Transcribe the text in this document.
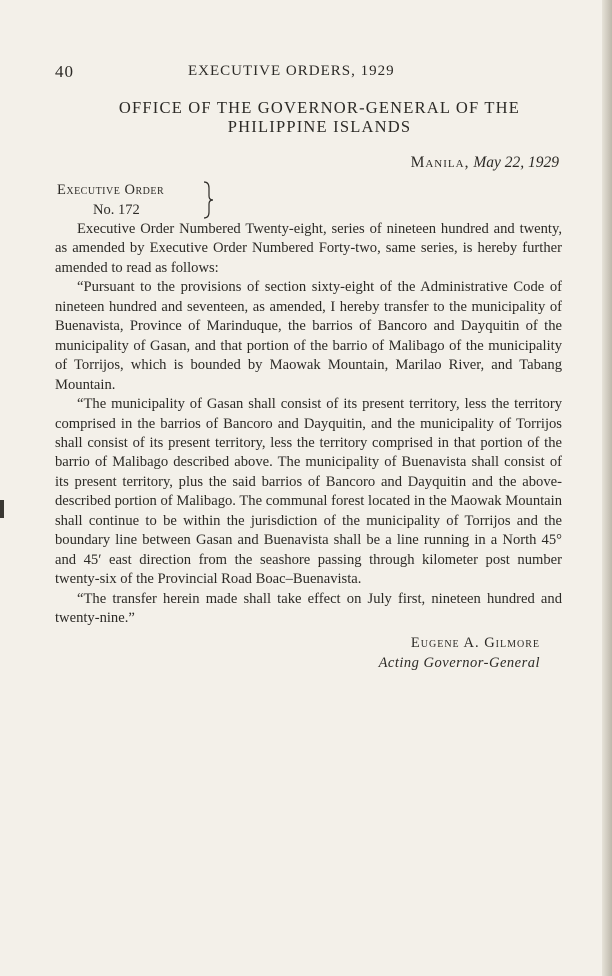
40	EXECUTIVE ORDERS, 1929
OFFICE OF THE GOVERNOR-GENERAL OF THE
PHILIPPINE ISLANDS
Manila, May 22, 1929
Executive Order
No. 172

Executive Order Numbered Twenty-eight, series of nineteen hundred and twenty, as amended by Executive Order Numbered Forty-two, same series, is hereby further amended to read as follows:

“Pursuant to the provisions of section sixty-eight of the Administrative Code of nineteen hundred and seventeen, as amended, I hereby transfer to the municipality of Buenavista, Province of Marinduque, the barrios of Bancoro and Dayquitin of the municipality of Gasan, and that portion of the barrio of Malibago of the municipality of Torrijos, which is bounded by Maowak Mountain, Marilao River, and Tabang Mountain.

“The municipality of Gasan shall consist of its present territory, less the territory comprised in the barrios of Bancoro and Dayquitin, and the municipality of Torrijos shall consist of its present territory, less the territory comprised in that portion of the barrio of Malibago described above. The municipality of Buenavista shall consist of its present territory, plus the said barrios of Bancoro and Dayquitin and the above-described portion of Malibago. The communal forest located in the Maowak Mountain shall continue to be within the jurisdiction of the municipality of Torrijos and the boundary line between Gasan and Buenavista shall be a line running in a North 45° and 45′ east direction from the seashore passing through kilometer post number twenty-six of the Provincial Road Boac–Buenavista.

“The transfer herein made shall take effect on July first, nineteen hundred and twenty-nine.”

Eugene A. Gilmore
Acting Governor-General
